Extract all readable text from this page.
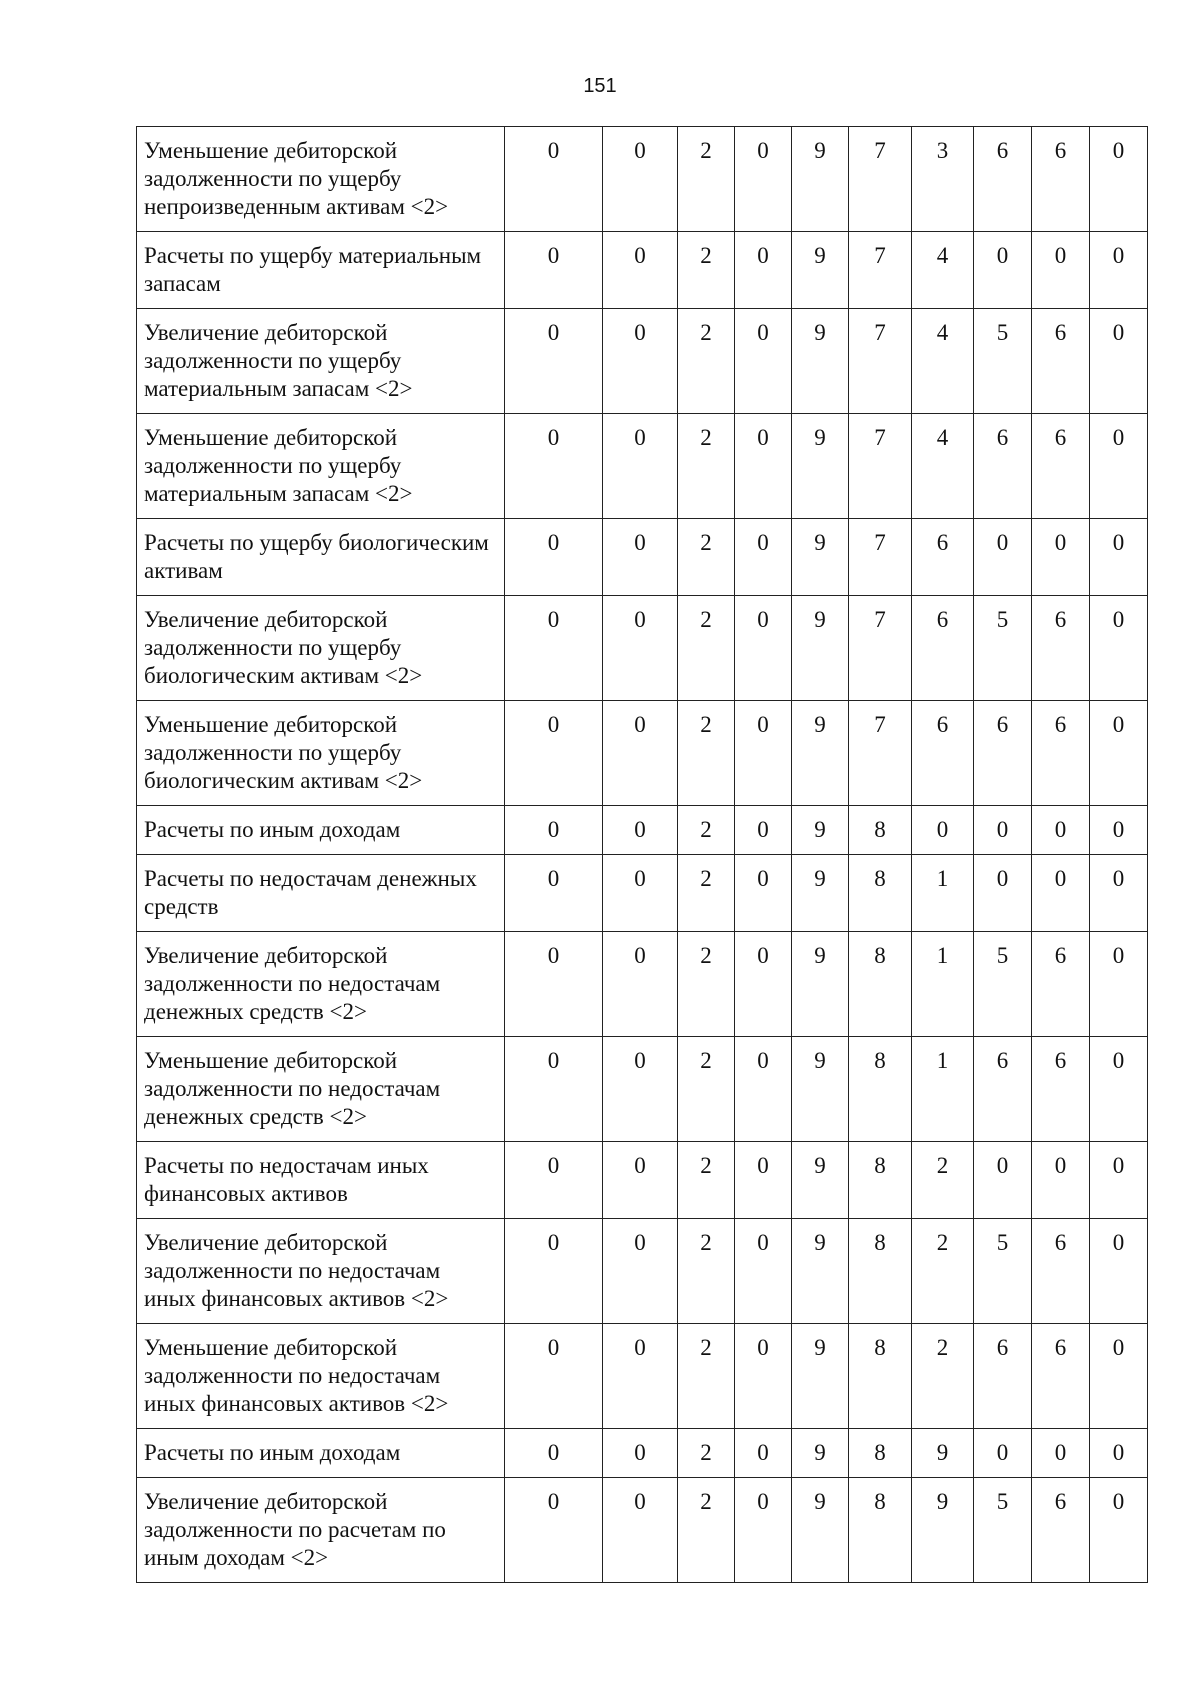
151
Уменьшение дебиторской задолженности по ущербу непроизведенным активам <2>	0	0	2	0	9	7	3	6	6	0
Расчеты по ущербу материальным запасам	0	0	2	0	9	7	4	0	0	0
Увеличение дебиторской задолженности по ущербу материальным запасам <2>	0	0	2	0	9	7	4	5	6	0
Уменьшение дебиторской задолженности по ущербу материальным запасам <2>	0	0	2	0	9	7	4	6	6	0
Расчеты по ущербу биологическим активам	0	0	2	0	9	7	6	0	0	0
Увеличение дебиторской задолженности по ущербу биологическим активам <2>	0	0	2	0	9	7	6	5	6	0
Уменьшение дебиторской задолженности по ущербу биологическим активам <2>	0	0	2	0	9	7	6	6	6	0
Расчеты по иным доходам	0	0	2	0	9	8	0	0	0	0
Расчеты по недостачам денежных средств	0	0	2	0	9	8	1	0	0	0
Увеличение дебиторской задолженности по недостачам денежных средств <2>	0	0	2	0	9	8	1	5	6	0
Уменьшение дебиторской задолженности по недостачам денежных средств <2>	0	0	2	0	9	8	1	6	6	0
Расчеты по недостачам иных финансовых активов	0	0	2	0	9	8	2	0	0	0
Увеличение дебиторской задолженности по недостачам иных финансовых активов <2>	0	0	2	0	9	8	2	5	6	0
Уменьшение дебиторской задолженности по недостачам иных финансовых активов <2>	0	0	2	0	9	8	2	6	6	0
Расчеты по иным доходам	0	0	2	0	9	8	9	0	0	0
Увеличение дебиторской задолженности по расчетам по иным доходам <2>	0	0	2	0	9	8	9	5	6	0
